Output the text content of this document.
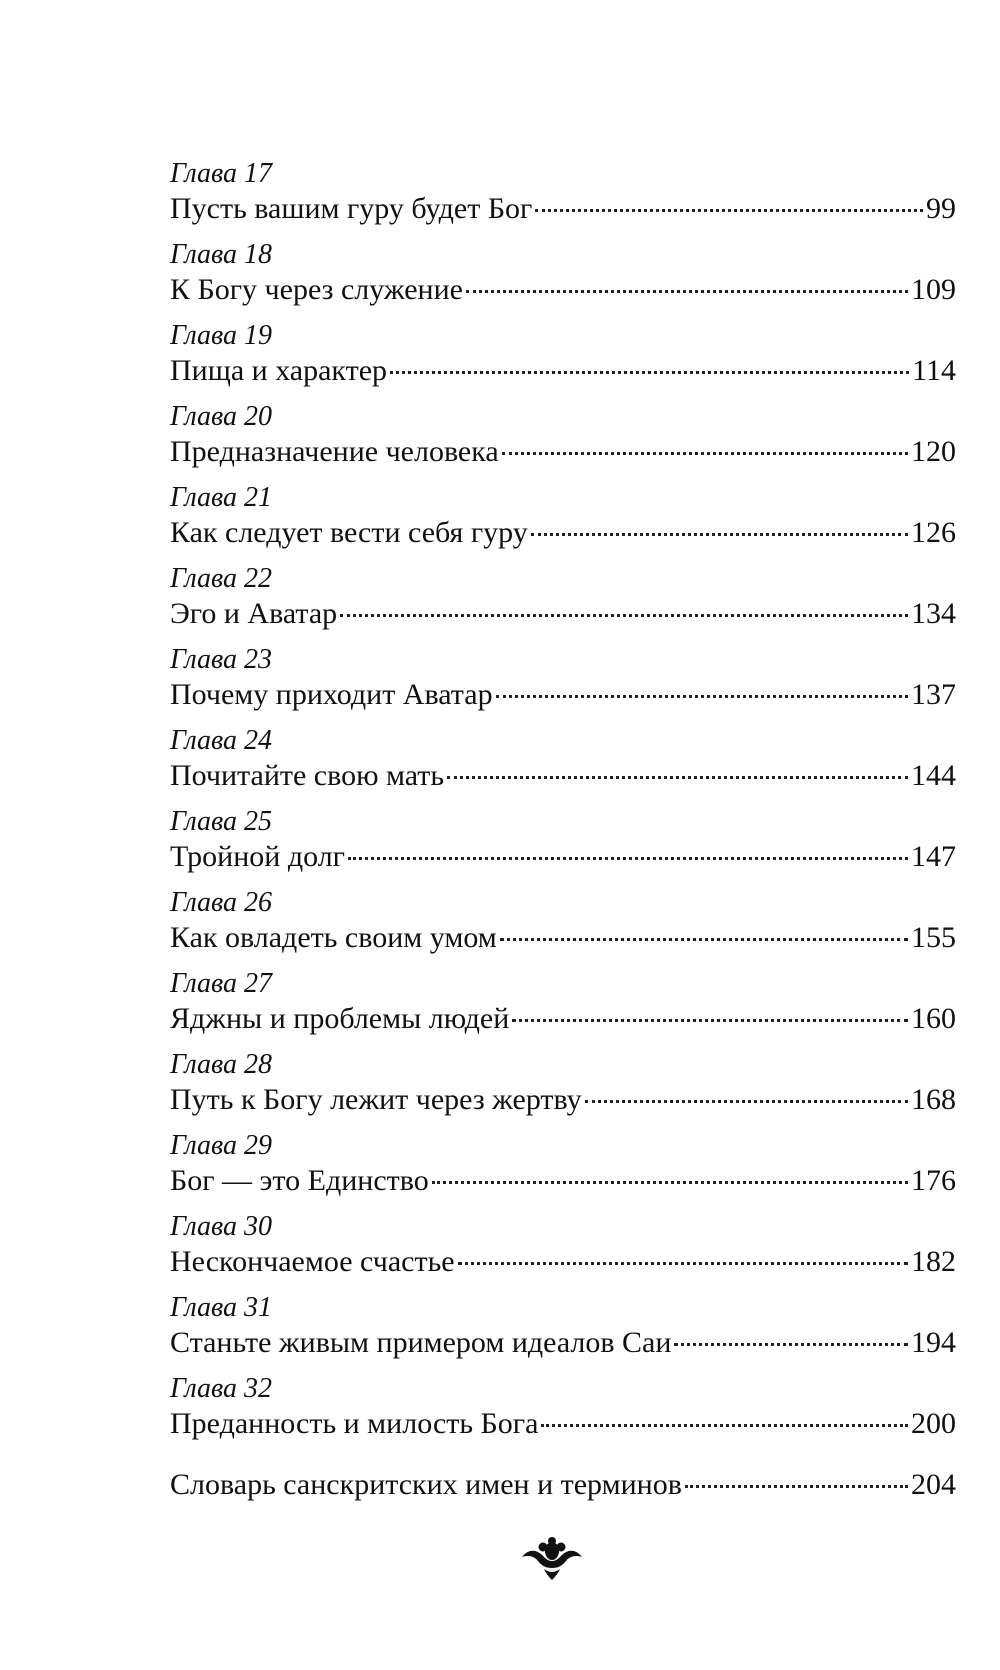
Глава 17
Пусть вашим гуру будет Бог	99
Глава 18
К Богу через служение	109
Глава 19
Пища и характер	114
Глава 20
Предназначение человека	120
Глава 21
Как следует вести себя гуру	126
Глава 22
Эго и Аватар	134
Глава 23
Почему приходит Аватар	137
Глава 24
Почитайте свою мать	144
Глава 25
Тройной долг	147
Глава 26
Как овладеть своим умом	155
Глава 27
Яджны и проблемы людей	160
Глава 28
Путь к Богу лежит через жертву	168
Глава 29
Бог — это Единство	176
Глава 30
Нескончаемое счастье	182
Глава 31
Станьте живым примером идеалов Саи	194
Глава 32
Преданность и милость Бога	200
Словарь санскритских имен и терминов	204
